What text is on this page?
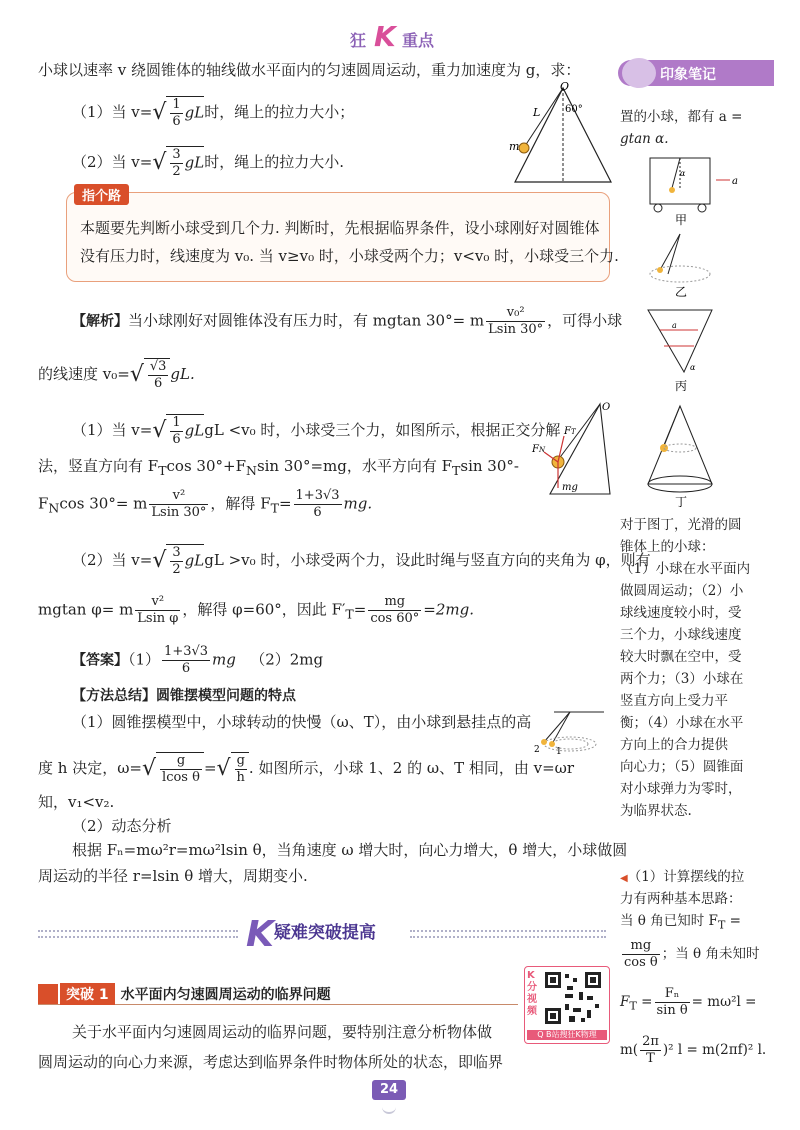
狂 K 重点
小球以速率 v 绕圆锥体的轴线做水平面内的匀速圆周运动，重力加速度为 g，求：
（1）当 $v=√ \frac{1}{6}$ gL时，绳上的拉力大小；
（2）当 $v=√ \frac{3}{2}$ gL时，绳上的拉力大小.
O
L 60°
m
指个路
本题要先判断小球受到几个力. 判断时，先根据临界条件，设小球刚好对圆锥体
没有压力时，线速度为 v₀. 当 v≥v₀ 时，小球受两个力；v<v₀ 时，小球受三个力.
【解析】当小球刚好对圆锥体没有压力时，有 mgtan 30°= m $\frac{\text{v₀²}}{Lsin 30^\circ}$ ，可得小球
的线速度 $v_0=√ \frac{√3}{6}$ gL.
（1）当 $v=√ \frac{1}{6}$ gLgL <v₀ 时，小球受三个力，如图所示，根据正交分解
法，竖直方向有 $F_T\cos$ $30^\circ+F_N\sin$ 30°=mg，水平方向有 $F_T\sin$ 30°-
$F_N\cos$ 30°= m $\frac{\text{v²}}{Lsin 30^\circ}$ ，解得 $F_T= \frac{1+3√3}{6}$ mg.
O
FT
FN
mg
（2）当 $v=√ \frac{3}{2}$ gLgL >v₀ 时，小球受两个力，设此时绳与竖直方向的夹角为 φ，则有
mgtan φ= m $\frac{\text{v²}}{\text{Lsin φ}}$ ，解得 φ=60°，因此 $F'_T= \frac{mg}{\cos 60^\circ} =2mg$.
【答案】$(1) \frac{1+3√3}{6}$ mg （2）2mg
【方法总结】圆锥摆模型问题的特点
（1）圆锥摆模型中，小球转动的快慢（ω、T），由小球到悬挂点的高
度 h 决定，$\omega=√ \frac{g}{\text{lcos θ}}$ =√ $\frac{g}{h}$ . 如图所示，小球 1、2 的 ω、T 相同，由 v=ωr
知，v₁<v₂.
（2）动态分析
根据 Fₙ=mω²r=mω²lsin θ，当角速度 ω 增大时，向心力增大，θ 增大，小球做圆
周运动的半径 r=lsin θ 增大，周期变小.
2 1
K疑难突破提高
突破 1 水平面内匀速圆周运动的临界问题
关于水平面内匀速圆周运动的临界问题，要特别注意分析物体做
圆周运动的向心力来源，考虑达到临界条件时物体所处的状态，即临界
K分视频
Q B站搜狂K物理
印象笔记
置的小球，都有 a =
gtan α.
a
α
甲
乙
a
α
丙
丁
对于图丁，光滑的圆
锥体上的小球：
（1）小球在水平面内
做圆周运动；（2）小
球线速度较小时，受
三个力，小球线速度
较大时飘在空中，受
两个力；（3）小球在
竖直方向上受力平
衡；（4）小球在水平
方向上的合力提供
向心力；（5）圆锥面
对小球弹力为零时，
为临界状态.
◀（1）计算摆线的拉
力有两种基本思路：
当 θ 角已知时 $F_T$ =
$\frac{mg}{\text{cos θ}}$ ；当 θ 角未知时
$F_T = \frac{\text{Fₙ}}{\text{sin θ}} = m\omega^2l$ =
$m( \frac{2\pi}{T} )^2$ l = m(2πf)² l.
24
